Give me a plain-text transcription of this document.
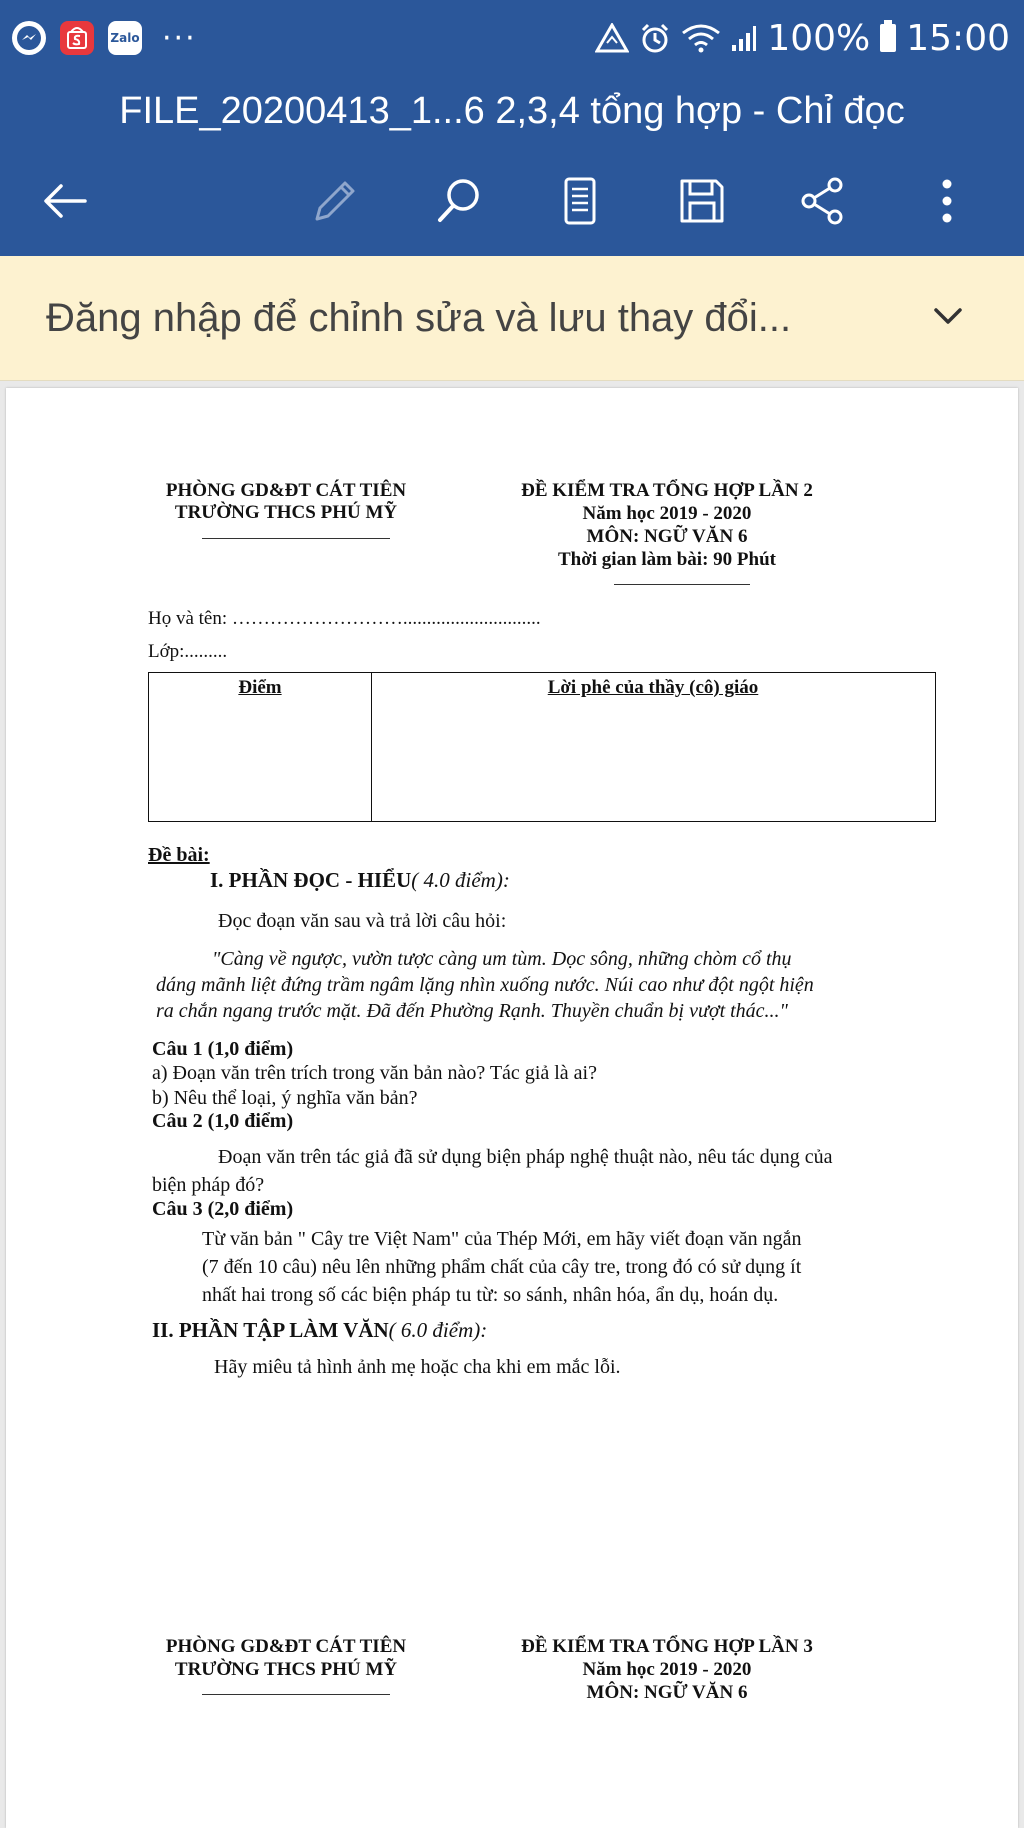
Zalo ···	100% 15:00
FILE_20200413_1...6 2,3,4 tổng hợp - Chỉ đọc
Đăng nhập để chỉnh sửa và lưu thay đổi...
PHÒNG GD&ĐT CÁT TIÊN
TRƯỜNG THCS PHÚ MỸ
ĐỀ KIỂM TRA TỔNG HỢP LẦN 2
Năm học 2019 - 2020
MÔN: NGỮ VĂN 6
Thời gian làm bài: 90 Phút
Họ và tên: ……………………….............................
Lớp:.........
Điểm	Lời phê của thầy (cô) giáo
Đề bài:
I. PHẦN ĐỌC - HIỂU( 4.0 điểm):
Đọc đoạn văn sau và trả lời câu hỏi:
"Càng về ngược, vườn tược càng um tùm. Dọc sông, những chòm cổ thụ
dáng mãnh liệt đứng trầm ngâm lặng nhìn xuống nước. Núi cao như đột ngột hiện
ra chắn ngang trước mặt. Đã đến Phường Rạnh. Thuyền chuẩn bị vượt thác..."
Câu 1 (1,0 điểm)
a) Đoạn văn trên trích trong văn bản nào? Tác giả là ai?
b) Nêu thể loại, ý nghĩa văn bản?
Câu 2 (1,0 điểm)
Đoạn văn trên tác giả đã sử dụng biện pháp nghệ thuật nào, nêu tác dụng của
biện pháp đó?
Câu 3 (2,0 điểm)
Từ văn bản " Cây tre Việt Nam" của Thép Mới, em hãy viết đoạn văn ngắn
(7 đến 10 câu) nêu lên những phẩm chất của cây tre, trong đó có sử dụng ít
nhất hai trong số các biện pháp tu từ: so sánh, nhân hóa, ẩn dụ, hoán dụ.
II. PHẦN TẬP LÀM VĂN( 6.0 điểm):
Hãy miêu tả hình ảnh mẹ hoặc cha khi em mắc lỗi.
PHÒNG GD&ĐT CÁT TIÊN
TRƯỜNG THCS PHÚ MỸ
ĐỀ KIỂM TRA TỔNG HỢP LẦN 3
Năm học 2019 - 2020
MÔN: NGỮ VĂN 6
